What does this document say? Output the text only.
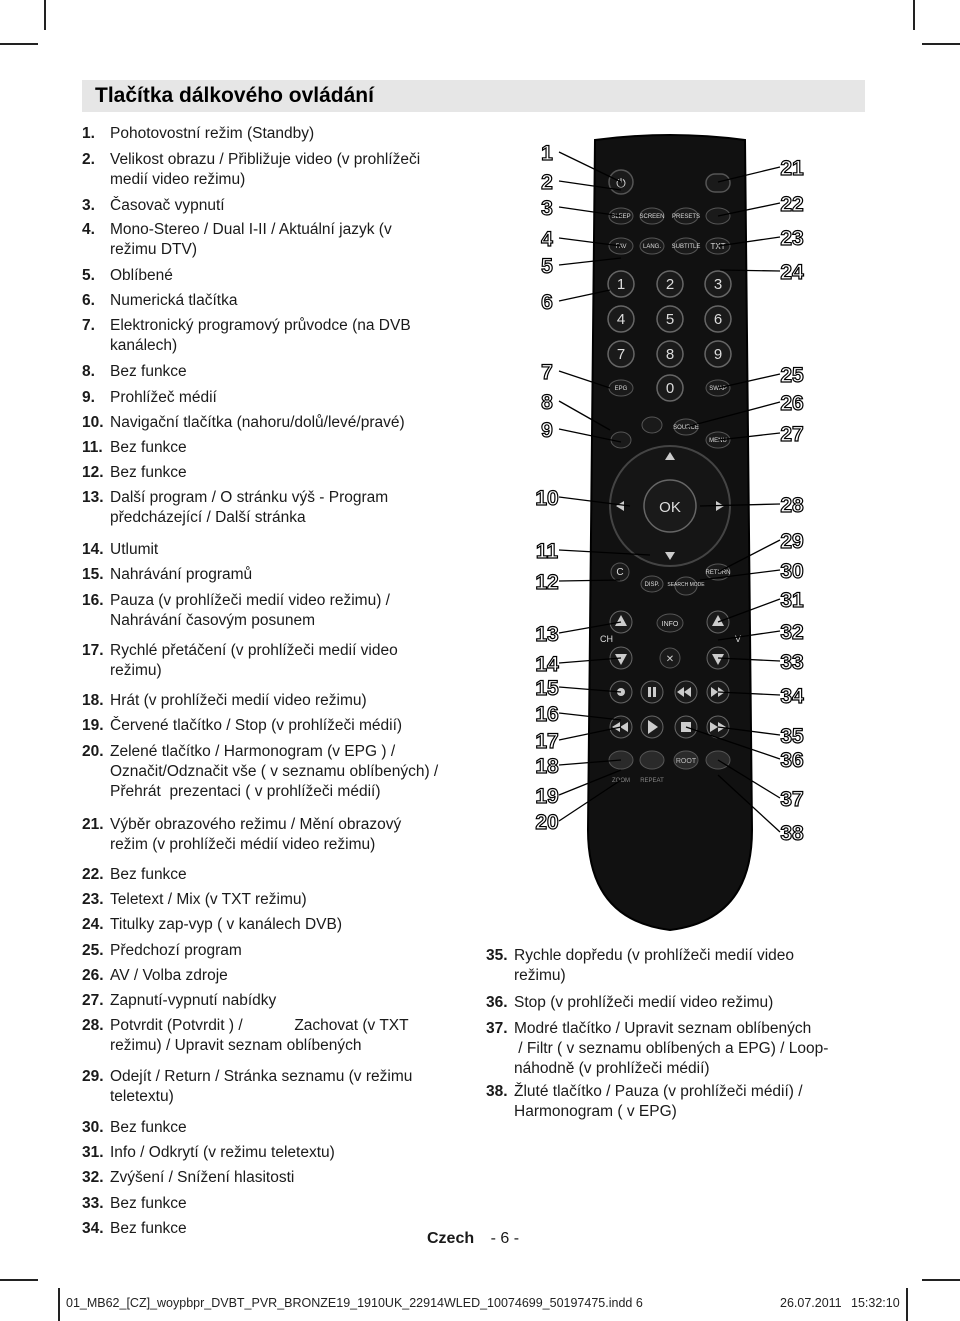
Tlačítka dálkového ovládání
1. Pohotovostní režim (Standby)
2. Velikost obrazu / Přibližuje video (v prohlížeči
medií video režimu)
3. Časovač vypnutí
4. Mono-Stereo / Dual I-II / Aktuální jazyk (v
režimu DTV)
5. Oblíbené
6. Numerická tlačítka
7. Elektronický programový průvodce (na DVB
kanálech)
8. Bez funkce
9. Prohlížeč médií
10. Navigační tlačítka (nahoru/dolů/levé/pravé)
11. Bez funkce
12. Bez funkce
13. Další program / O stránku výš - Program
předcházející / Další stránka
14. Utlumit
15. Nahrávání programů
16. Pauza (v prohlížeči medií video režimu) /
Nahrávání časovým posunem
17. Rychlé přetáčení (v prohlížeči medií video
režimu)
18. Hrát (v prohlížeči medií video režimu)
19. Červené tlačítko / Stop (v prohlížeči médií)
20. Zelené tlačítko / Harmonogram (v EPG ) /
Označit/Odznačit vše ( v seznamu oblíbených) /
Přehrát  prezentaci ( v prohlížeči médií)
21. Výběr obrazového režimu / Mění obrazový
režim (v prohlížeči médií video režimu)
22. Bez funkce
23. Teletext / Mix (v TXT režimu)
24. Titulky zap-vyp ( v kanálech DVB)
25. Předchozí program
26. AV / Volba zdroje
27. Zapnutí-vypnutí nabídky
28. Potvrdit (Potvrdit ) /            Zachovat (v TXT
režimu) / Upravit seznam oblíbených
29. Odejít / Return / Stránka seznamu (v režimu
teletextu)
30. Bez funkce
31. Info / Odkrytí (v režimu teletextu)
32. Zvýšení / Snížení hlasitosti
33. Bez funkce
34. Bez funkce
35. Rychle dopředu (v prohlížeči medií video
režimu)
36. Stop (v prohlížeči medií video režimu)
37. Modré tlačítko / Upravit seznam oblíbených
/ Filtr ( v seznamu oblíbených a EPG) / Loop-
náhodně (v prohlížeči médií)
38. Žluté tlačítko / Pauza (v prohlížeči médií) /
Harmonogram ( v EPG)
⏻
SLEEP SCREEN PRESETS
FAV	LANG. SUBTITLE TXT
1	2	3
4	5	6
7	8	9
0
EPG	SWAP
SOURCE
MENU
OK
C	RETURN
DISP. SEARCH MODE
CH	V
INFO
✕
ROOT
ZOOM REPEAT
1
2
3
4
5
6
7
8
9
10
11
12
13
14
15
16
17
18
19
20
21
22
23
24
25
26
27
28
29
30
31
32
33
34
35
36
37
38
Czech - 6 -
01_MB62_[CZ]_woypbpr_DVBT_PVR_BRONZE19_1910UK_22914WLED_10074699_50197475.indd 6	26.07.2011 15:32:10
